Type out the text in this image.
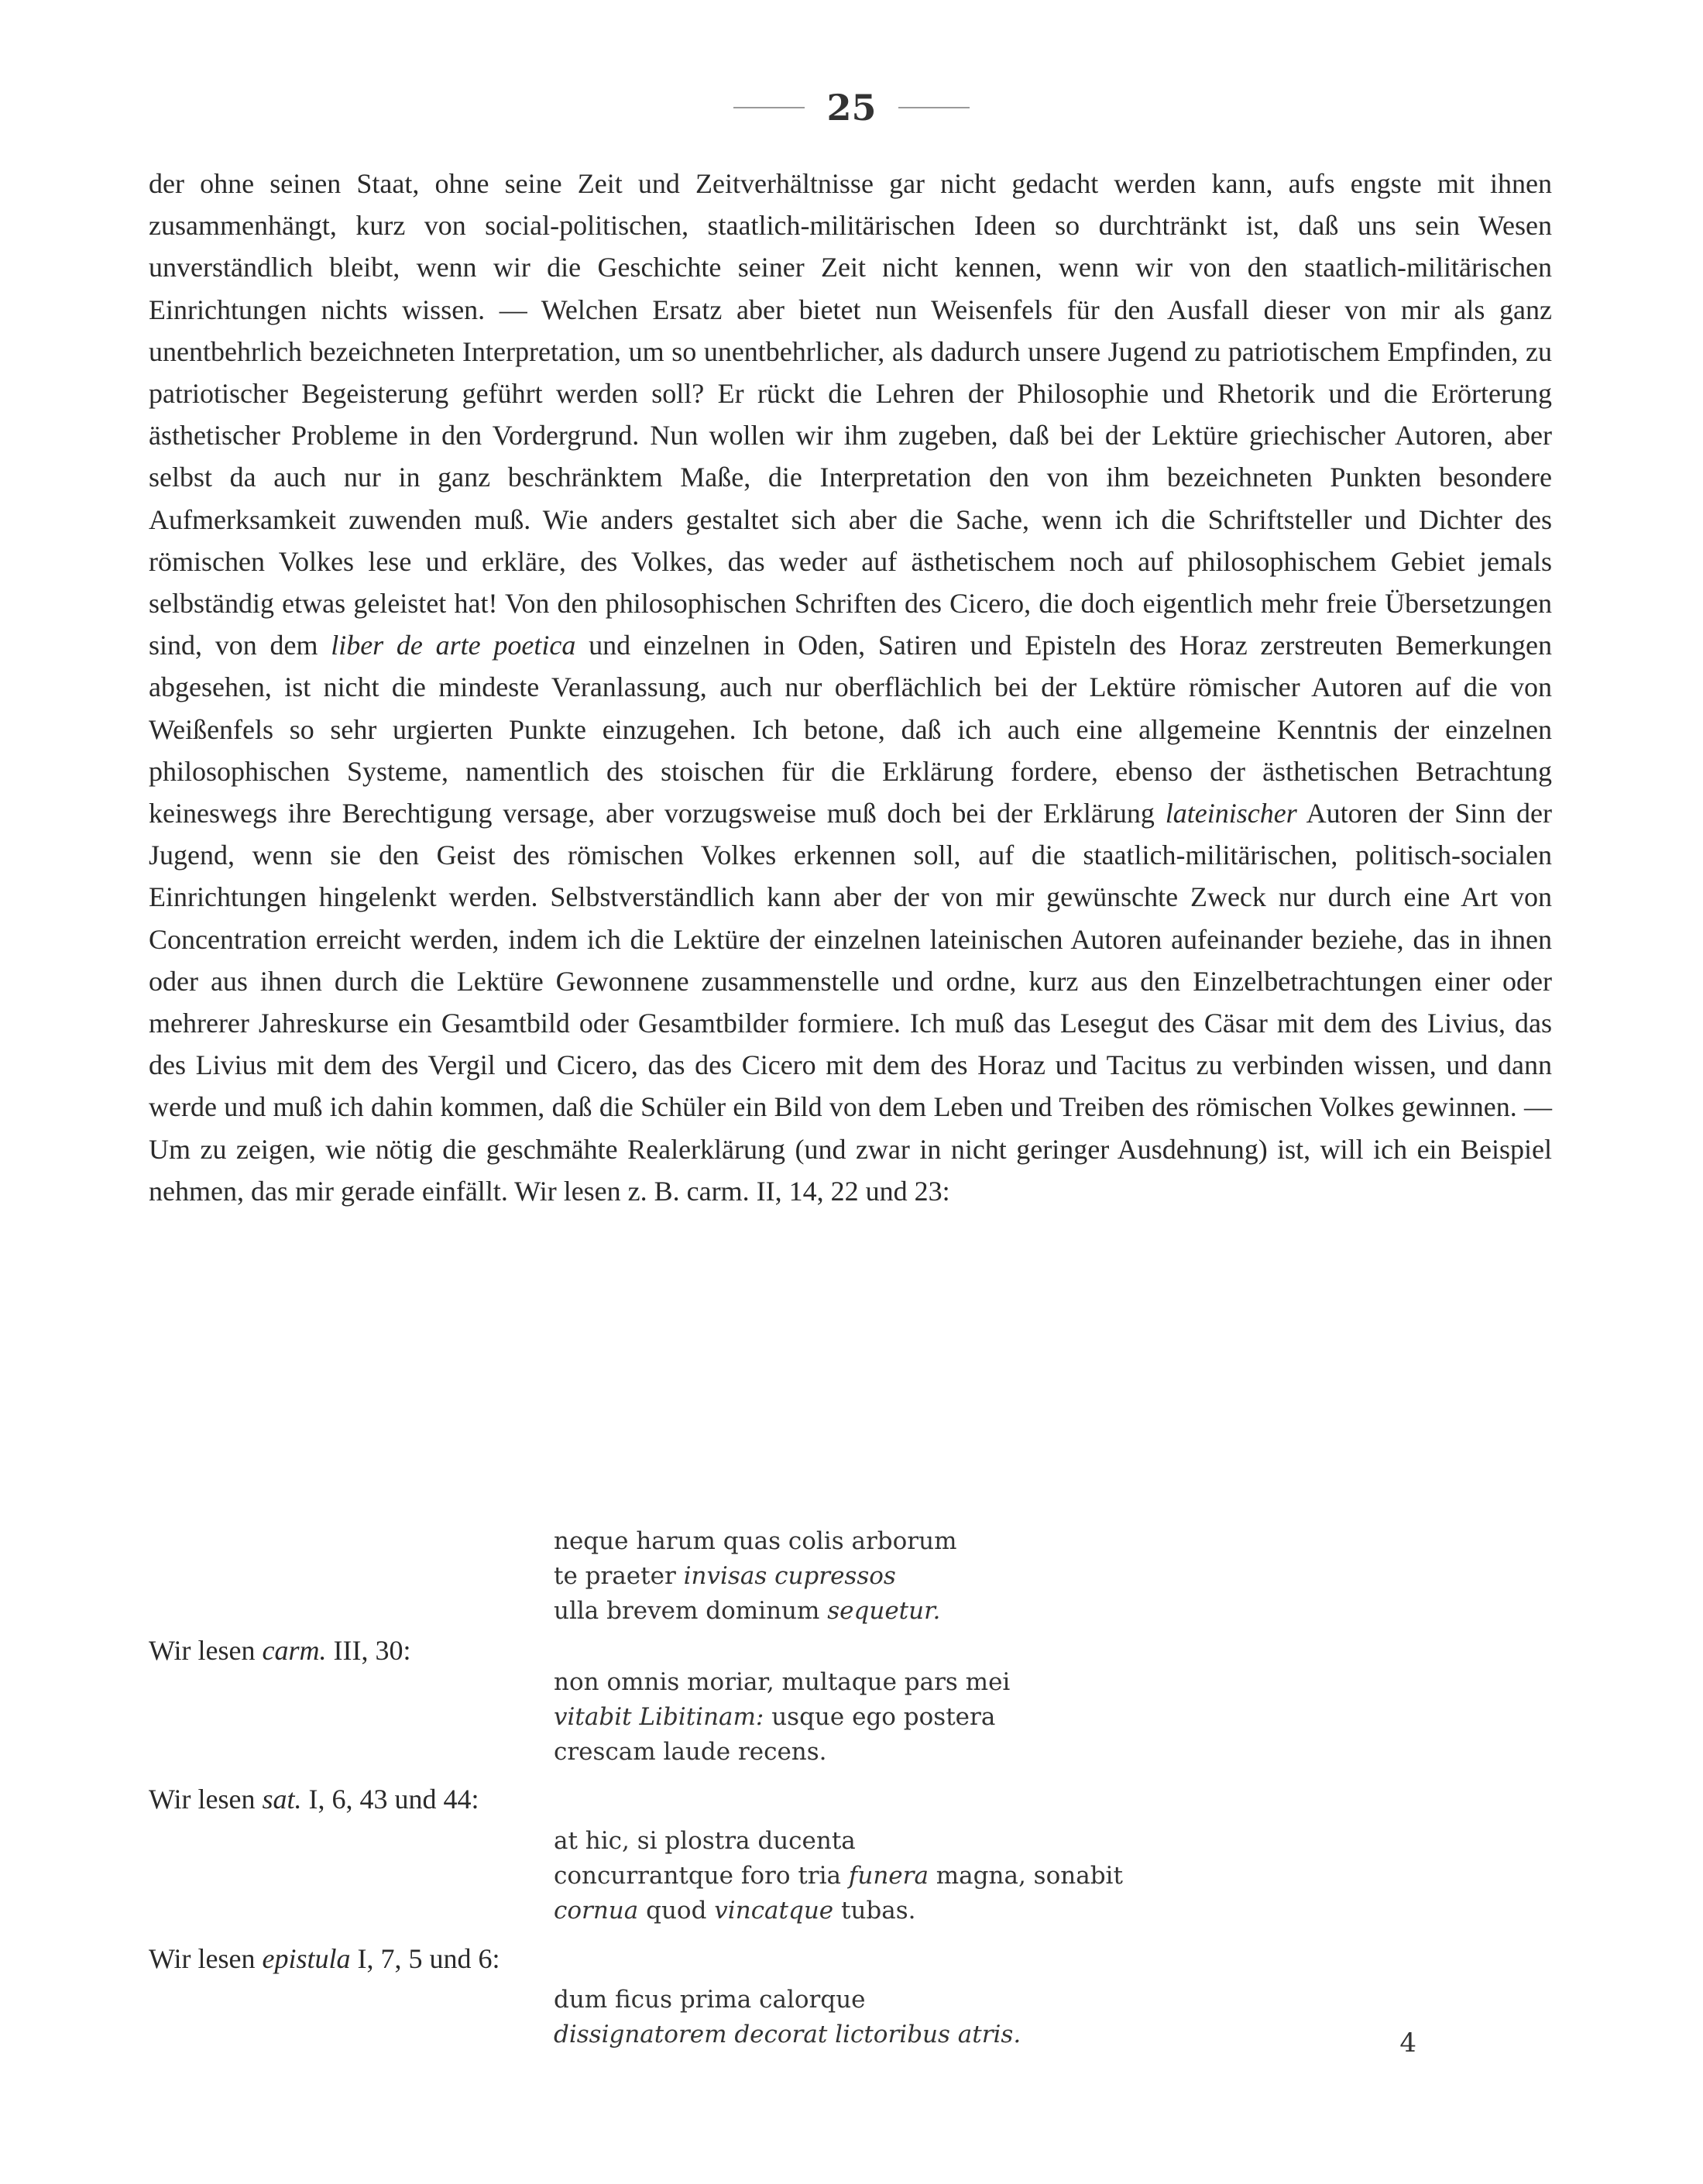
25

der ohne seinen Staat, ohne seine Zeit und Zeitverhältnisse gar nicht gedacht werden kann, aufs engste mit ihnen zusammenhängt, kurz von social-politischen, staatlich-militärischen Ideen so durchtränkt ist, daß uns sein Wesen unverständlich bleibt, wenn wir die Geschichte seiner Zeit nicht kennen, wenn wir von den staatlich-militärischen Einrichtungen nichts wissen. — Welchen Ersatz aber bietet nun Weisenfels für den Ausfall dieser von mir als ganz unentbehrlich bezeichneten Interpretation, um so unentbehrlicher, als dadurch unsere Jugend zu patriotischem Empfinden, zu patriotischer Begeisterung geführt werden soll? Er rückt die Lehren der Philosophie und Rhetorik und die Erörterung ästhetischer Probleme in den Vordergrund. Nun wollen wir ihm zugeben, daß bei der Lektüre griechischer Autoren, aber selbst da auch nur in ganz beschränktem Maße, die Interpretation den von ihm bezeichneten Punkten besondere Aufmerksamkeit zuwenden muß. Wie anders gestaltet sich aber die Sache, wenn ich die Schriftsteller und Dichter des römischen Volkes lese und erkläre, des Volkes, das weder auf ästhetischem noch auf philosophischem Gebiet jemals selbständig etwas geleistet hat! Von den philosophischen Schriften des Cicero, die doch eigentlich mehr freie Übersetzungen sind, von dem liber de arte poetica und einzelnen in Oden, Satiren und Episteln des Horaz zerstreuten Bemerkungen abgesehen, ist nicht die mindeste Veranlassung, auch nur oberflächlich bei der Lektüre römischer Autoren auf die von Weißenfels so sehr urgierten Punkte einzugehen. Ich betone, daß ich auch eine allgemeine Kenntnis der einzelnen philosophischen Systeme, namentlich des stoischen für die Erklärung fordere, ebenso der ästhetischen Betrachtung keineswegs ihre Berechtigung versage, aber vorzugsweise muß doch bei der Erklärung lateinischer Autoren der Sinn der Jugend, wenn sie den Geist des römischen Volkes erkennen soll, auf die staatlich-militärischen, politisch-socialen Einrichtungen hingelenkt werden. Selbstverständlich kann aber der von mir gewünschte Zweck nur durch eine Art von Concentration erreicht werden, indem ich die Lektüre der einzelnen lateinischen Autoren aufeinander beziehe, das in ihnen oder aus ihnen durch die Lektüre Gewonnene zusammenstelle und ordne, kurz aus den Einzelbetrachtungen einer oder mehrerer Jahreskurse ein Gesamtbild oder Gesamtbilder formiere. Ich muß das Lesegut des Cäsar mit dem des Livius, das des Livius mit dem des Vergil und Cicero, das des Cicero mit dem des Horaz und Tacitus zu verbinden wissen, und dann werde und muß ich dahin kommen, daß die Schüler ein Bild von dem Leben und Treiben des römischen Volkes gewinnen. — Um zu zeigen, wie nötig die geschmähte Realerklärung (und zwar in nicht geringer Ausdehnung) ist, will ich ein Beispiel nehmen, das mir gerade einfällt. Wir lesen z. B. carm. II, 14, 22 und 23:

neque harum quas colis arborum
te praeter invisas cupressos
ulla brevem dominum sequetur.
Wir lesen carm. III, 30:
non omnis moriar, multaque pars mei
vitabit Libitinam: usque ego postera
crescam laude recens.
Wir lesen sat. I, 6, 43 und 44:
at hic, si plostra ducenta
concurrantque foro tria funera magna, sonabit
cornua quod vincatque tubas.
Wir lesen epistula I, 7, 5 und 6:
dum ficus prima calorque
dissignatorem decorat lictoribus atris.	4
